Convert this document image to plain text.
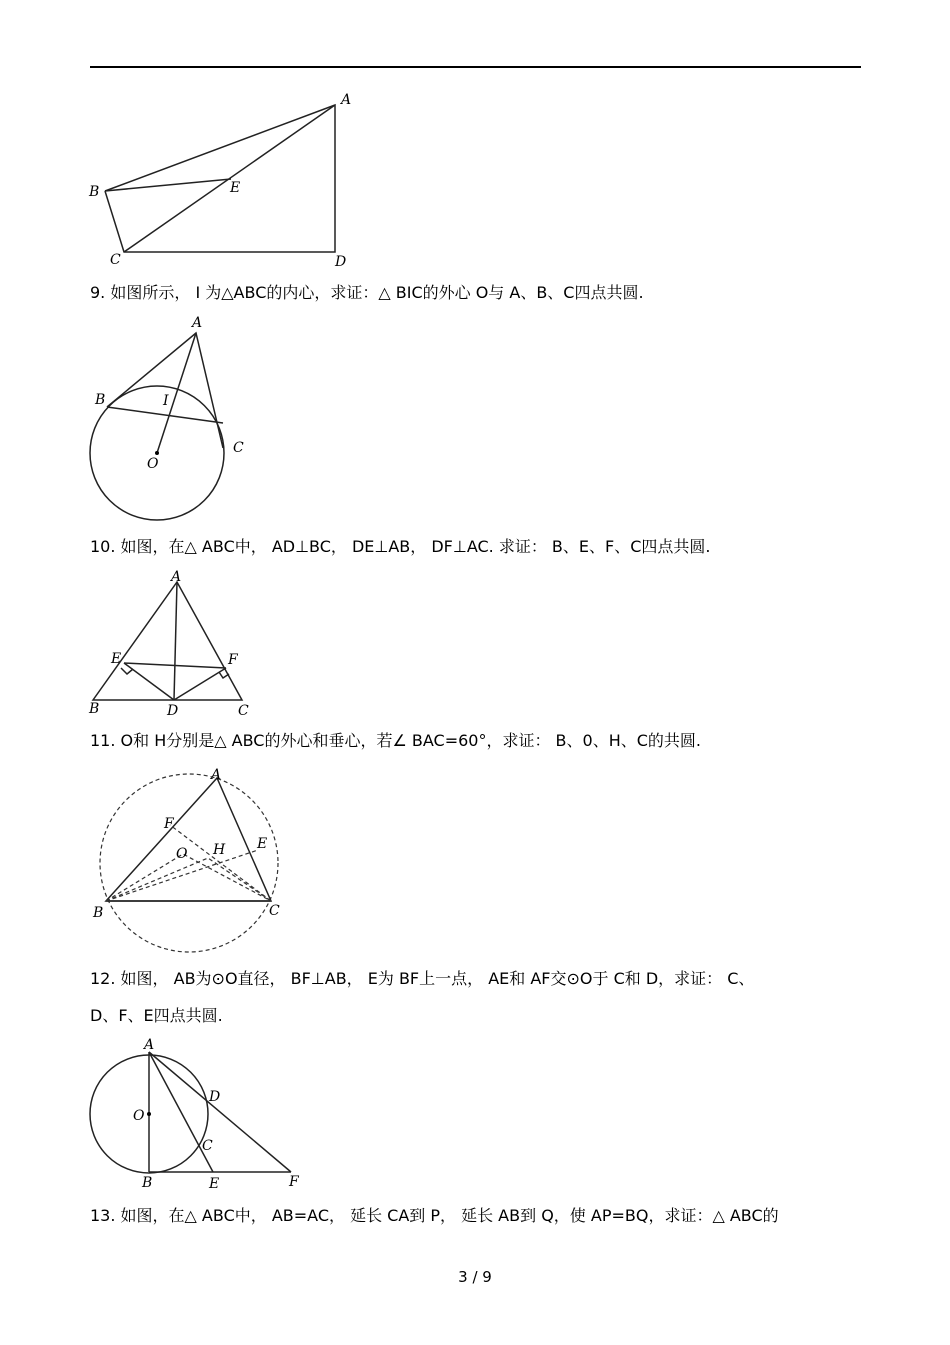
A
B	E
C	D
9. 如图所示， I 为△ABC的内心，求证：△ BIC的外心 O与 A、B、C四点共圆.
A
B	I
C
O
10. 如图，在△ ABC中， AD⊥BC， DE⊥AB， DF⊥AC. 求证： B、E、F、C四点共圆.
A
E	F
B	D	C
11. O和 H分别是△ ABC的外心和垂心，若∠ BAC=60°，求证： B、0、H、C的共圆.
A
F
E
H
O
B	C
12. 如图， AB为⊙O直径， BF⊥AB， E为 BF上一点， AE和 AF交⊙O于 C和 D，求证： C、
D、F、E四点共圆.
A
D
O
C
B	E	F
13. 如图，在△ ABC中， AB=AC， 延长 CA到 P， 延长 AB到 Q，使 AP=BQ，求证：△ ABC的
3 / 9
